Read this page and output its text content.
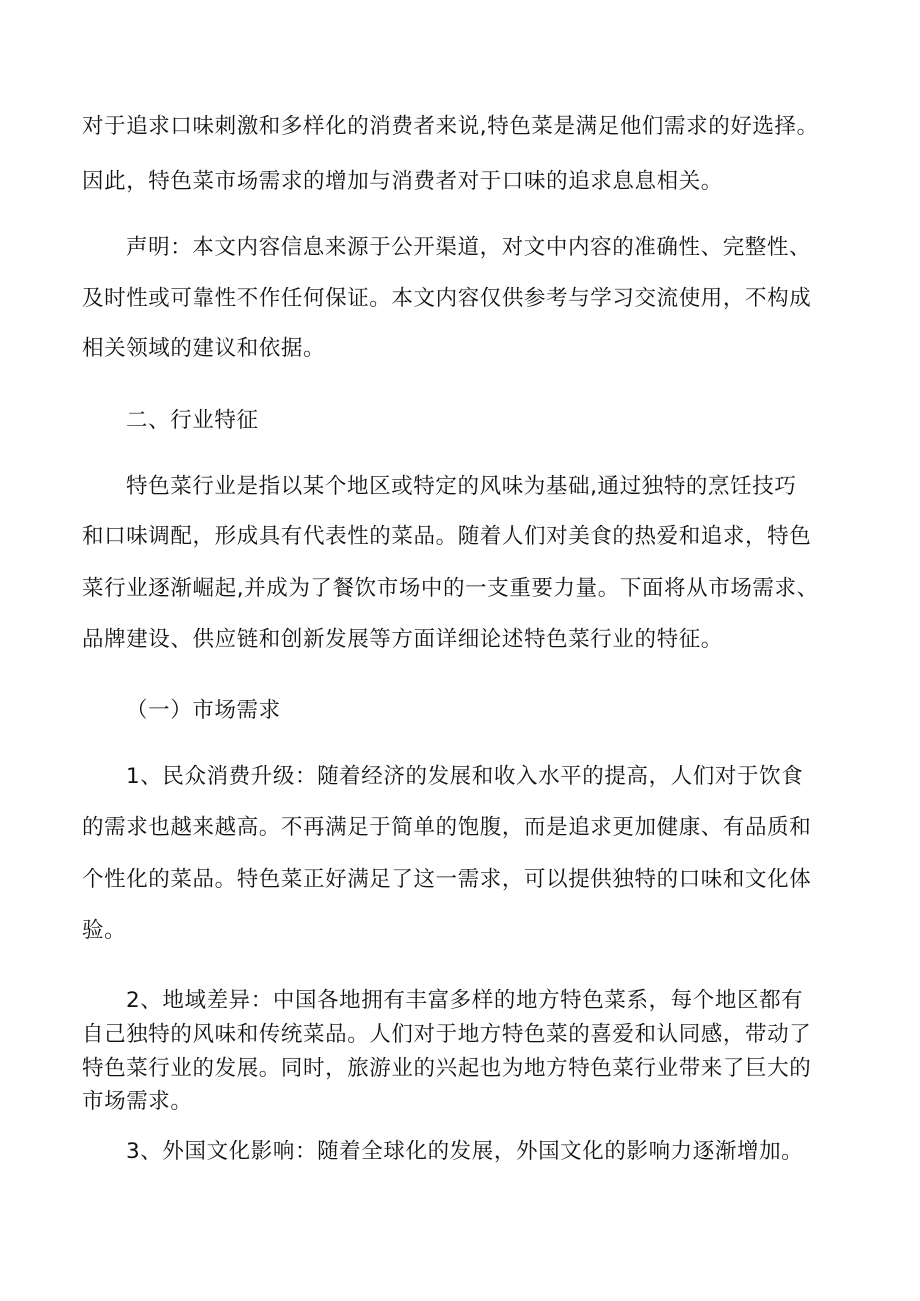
对于追求口味刺激和多样化的消费者来说,特色菜是满足他们需求的好选择。
因此，特色菜市场需求的增加与消费者对于口味的追求息息相关。
声明：本文内容信息来源于公开渠道，对文中内容的准确性、完整性、
及时性或可靠性不作任何保证。本文内容仅供参考与学习交流使用，不构成
相关领域的建议和依据。
二、行业特征
特色菜行业是指以某个地区或特定的风味为基础,通过独特的烹饪技巧
和口味调配，形成具有代表性的菜品。随着人们对美食的热爱和追求，特色
菜行业逐渐崛起,并成为了餐饮市场中的一支重要力量。下面将从市场需求、
品牌建设、供应链和创新发展等方面详细论述特色菜行业的特征。
（一）市场需求
1、民众消费升级：随着经济的发展和收入水平的提高，人们对于饮食
的需求也越来越高。不再满足于简单的饱腹，而是追求更加健康、有品质和
个性化的菜品。特色菜正好满足了这一需求，可以提供独特的口味和文化体
验。
2、地域差异：中国各地拥有丰富多样的地方特色菜系，每个地区都有
自己独特的风味和传统菜品。人们对于地方特色菜的喜爱和认同感，带动了
特色菜行业的发展。同时，旅游业的兴起也为地方特色菜行业带来了巨大的
市场需求。
3、外国文化影响：随着全球化的发展，外国文化的影响力逐渐增加。
